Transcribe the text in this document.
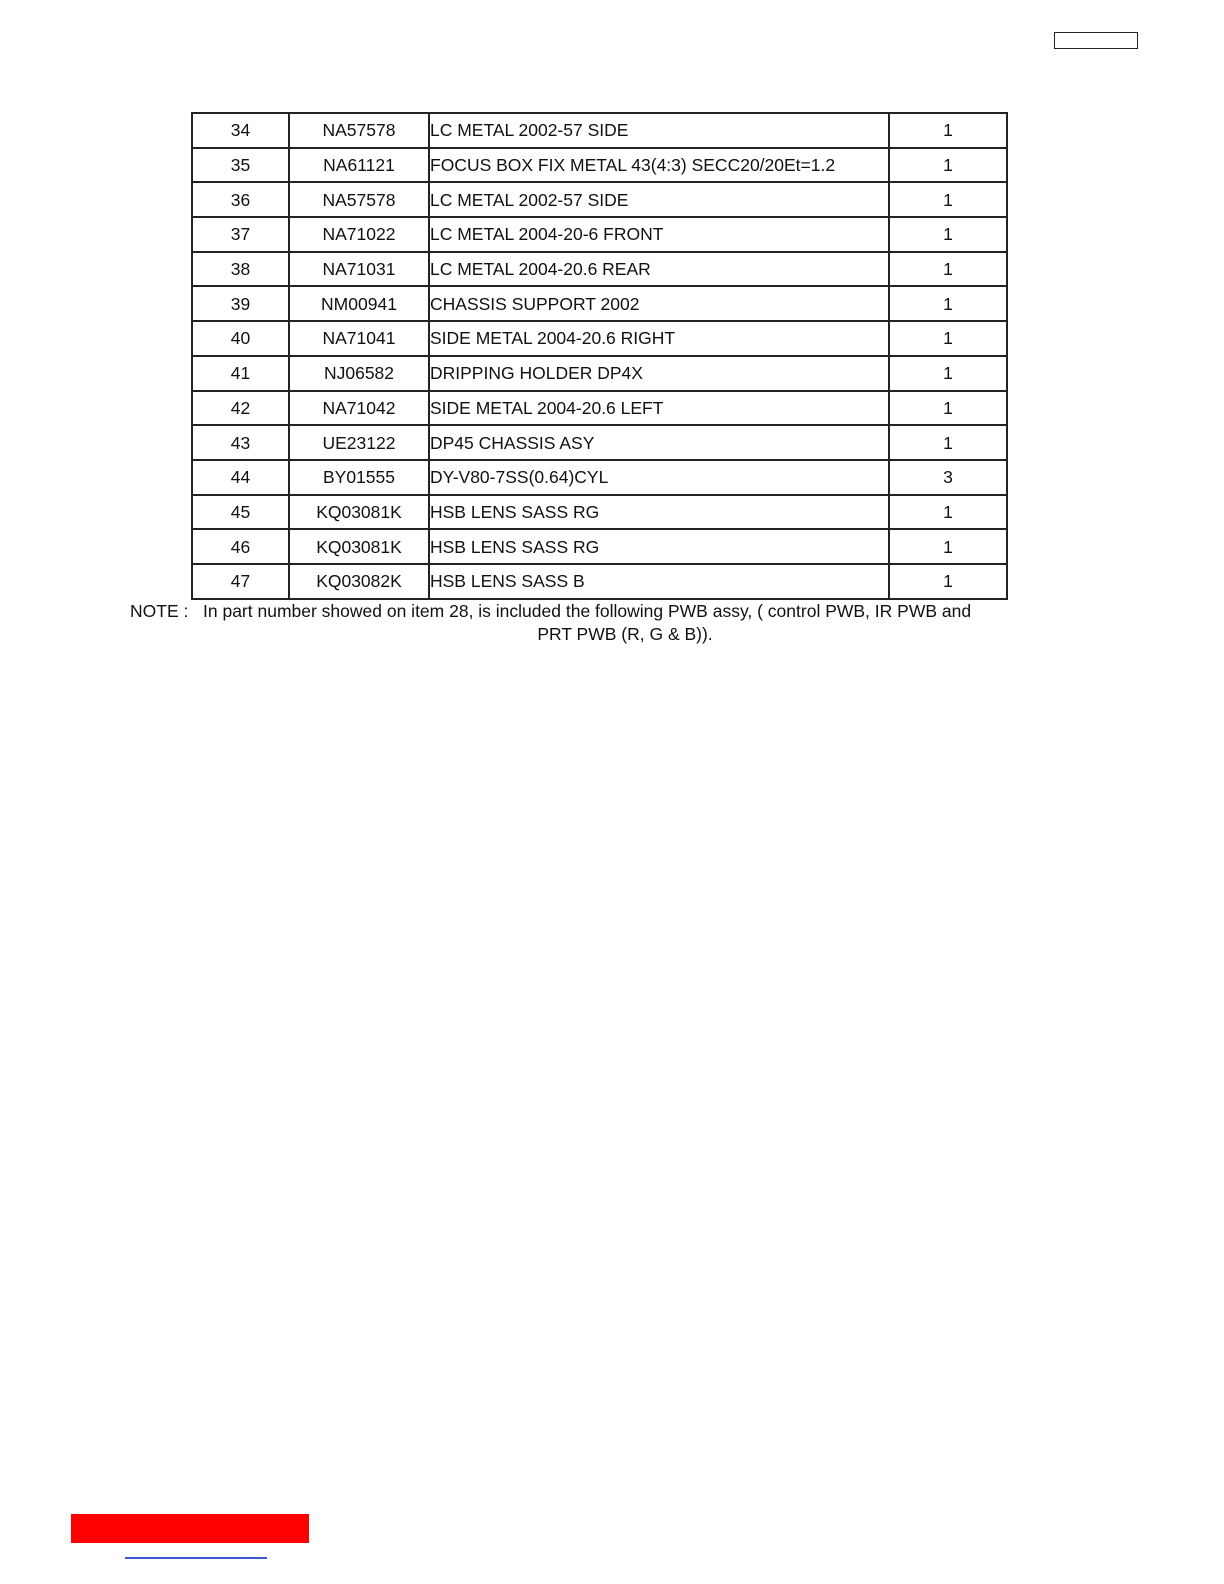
34	NA57578	LC METAL 2002-57 SIDE	1
35	NA61121	FOCUS BOX FIX METAL 43(4:3) SECC20/20Et=1.2	1
36	NA57578	LC METAL 2002-57 SIDE	1
37	NA71022	LC METAL 2004-20-6 FRONT	1
38	NA71031	LC METAL 2004-20.6 REAR	1
39	NM00941	CHASSIS SUPPORT 2002	1
40	NA71041	SIDE METAL 2004-20.6 RIGHT	1
41	NJ06582	DRIPPING HOLDER DP4X	1
42	NA71042	SIDE METAL 2004-20.6 LEFT	1
43	UE23122	DP45 CHASSIS ASY	1
44	BY01555	DY-V80-7SS(0.64)CYL	3
45	KQ03081K	HSB LENS SASS RG	1
46	KQ03081K	HSB LENS SASS RG	1
47	KQ03082K	HSB LENS SASS B	1
NOTE : In part number showed on item 28, is included the following PWB assy, ( control PWB, IR PWB and
PRT PWB (R, G & B)).
